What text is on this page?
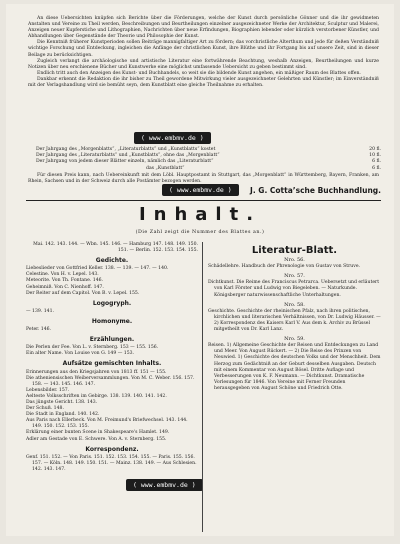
An diese Uebersichten knüpfen sich Berichte über die Förderungen, welche der Kunst durch persönliche Gönner und die ihr gewidmeten Anstalten und Vereine zu Theil werden, Beschreibungen und Beurtheilungen einzelner ausgezeichneter Werke der Architektur, Sculptur und Malerei, Anzeigen neuer Kupferstiche und Lithographien, Nachrichten über neue Erfindungen, Biographien lebender oder kürzlich verstorbener Künstler, und Abhandlungen über Gegenstände der Theorie und Philosophie der Kunst.

Die Kenntniß früherer Kunstperioden sollen Beiträge mannigfaltiger Art zu fördern; das vorchristliche Alterthum und jede für deßen Verständniß wichtige Forschung und Entdeckung, ingleichen die Anfänge der christlichen Kunst, ihre Blüthe und ihr Fortgang bis auf unsere Zeit, sind in dieser Beilage zu berücksichtigen.

Zugleich verlangt die archäologische und artistische Literatur eine fortwährende Beachtung, weshalb Anzeigen, Beurtheilungen und kurze Notizen über neu erschienene Bücher und Kunstwerke eine möglichst umfassende Uebersicht zu geben bestimmt sind.

Endlich tritt auch den Anzeigen des Kunst- und Buchhandels, so weit sie die bildende Kunst angehen, ein mäßiger Raum des Blattes offen.

Dankbar erkennt die Redaktion die ihr bisher zu Theil gewordene Mitwirkung vieler ausgezeichneter Gelehrten und Künstler; im Einverständniß mit der Verlagshandlung wird sie bemüht seyn, dem Kunstblatt eine gleiche Theilnahme zu erhalten.

Der Jahrgang des „Morgenblatts“, „Literaturblatts“ und „Kunstblatts“ kostet	20 fl.
Der Jahrgang des „Literaturblatts“ und „Kunstblatts“, ohne das „Morgenblatt“	10 fl.
Der Jahrgang von jedem dieser Blätter einzeln, nämlich das „Literaturblatt“	6 fl.
das „Kunstblatt“	6 fl.

Für diesen Preis kann, nach Uebereinkunft mit dem Löbl. Hauptpostamt in Stuttgart, das „Morgenblatt“ in Württemberg, Bayern, Franken, am Rhein, Sachsen und in der Schweiz durch alle Postämter bezogen werden.

J. G. Cotta’sche Buchhandlung.
( www.embmv.de )
( www.embmv.de )
( www.embmv.de )
Inhalt.
(Die Zahl zeigt die Nummer des Blattes an.)

Mai. 142. 143. 144. — Wbn. 145. 146. — Hamburg 147. 148. 149. 150. 151. — Berlin. 152. 153. 154. 155.

Gedichte.

Liebeslieder von Gottfried Keller. 138. — 139. — 147. — 140.

Celestine. Von H. v. Lepel. 143.

Meteorite. Von Th. Fontane. 146.

Geheimniß. Von C. Nienhoff. 147.

Der Reiter auf dem Capitol. Von B. v. Lepel. 155.

Logogryph.

— 139. 141.

Homonyme.

Peter. 146.

Erzählungen.

Die Perlen der Fee. Von L. v. Sternberg. 153 — 155. 156.

Ein alter Name. Von Louise von G. 149 — 153.

Aufsätze gemischten Inhalts.

Erinnerungen aus den Kriegsjahren von 1813 ff. 151 — 155.

Die atheniensischen Weiberversammlungen. Von M. C. Weber. 156. 157. 158. — 143. 145. 146. 147.

Lebensbilder. 157.

Aelteste Volksschriften im Gebirge. 138. 139. 140. 141. 142.

Das jüngste Gericht. 138. 143.

Der Schuß. 148.

Die Stadt in England. 140. 142.

Aus Paris nach Ellerbeck. Von M. Freimund's Briefwechsel. 143. 144. 149. 150. 152. 153. 155.

Erklärung einer bunten Scene in Shakespeare's Hamlet. 149.

Adler am Gestade von E. Schwere. Von A. v. Sternberg. 155.

Korrespondenz.

Genf. 151. 152. — Von Paris. 151. 152. 153. 154. 155. — Paris. 155. 156. 157. — Köln. 148. 149. 150. 151. — Mainz. 138. 149. — Aus Schlesien. 142. 143. 147.

Literatur-Blatt.
Nro. 56.

Schädellehre. Handbuch der Phrenologie von Gustav von Struve.

Nro. 57.

Dichtkunst. Die Reime des Franciscus Petrarca. Uebersetzt und erläutert von Karl Förster und Ludwig von Biegeleben. — Naturkunde. Königsberger naturwissenschaftliche Unterhaltungen.

Nro. 58.

Geschichte. Geschichte der rheinischen Pfalz, nach ihren politischen, kirchlichen und literarischen Verhältnissen, von Dr. Ludwig Häusser. — 2) Korrespondenz des Kaisers Karl V. Aus dem k. Archiv zu Brüssel mitgetheilt von Dr. Karl Lanz.

Nro. 59.

Reisen. 1) Allgemeine Geschichte der Reisen und Entdeckungen zu Land und Meer. Von August Rückert. — 2) Die Reise des Prinzen von Neuwied. 1) Geschichte des deutschen Volks und der Menschheit. Dem Herzog zum Gedächtniß an der Geburt desselben Ausgaben. Deutsch mit einem Kommentar von August Bösel. Dritte Auflage und Verbesserungen von K. F. Neumann. — Dichtkunst. Dramatische Vorlesungen für 1846. Von Vereine mit Ferner Freunden herausgegeben von August Schöne und Friedrich Otte.
